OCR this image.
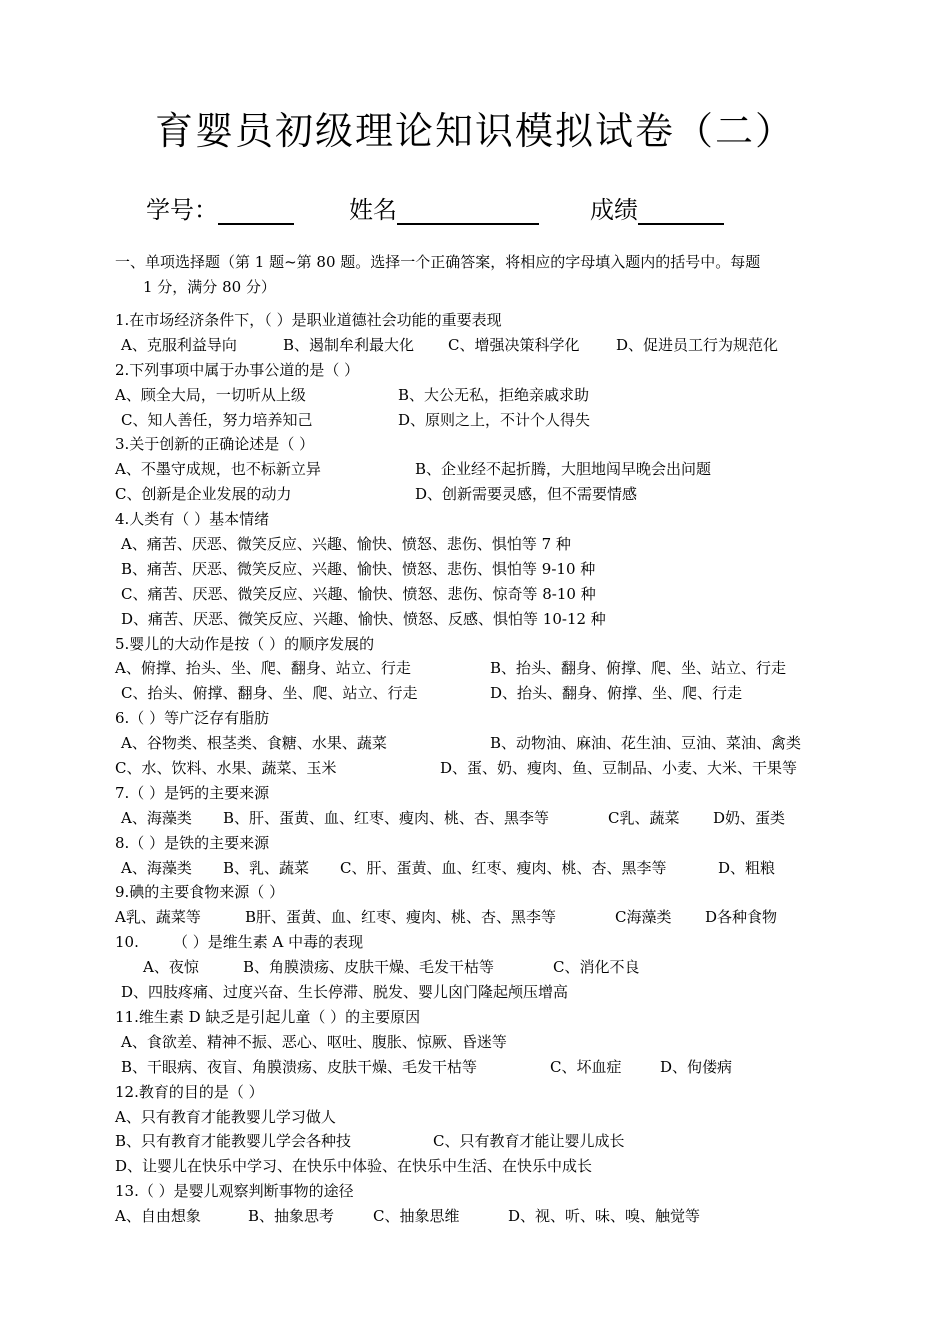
育婴员初级理论知识模拟试卷（二）
学号：	姓名	成绩
一、单项选择题（第 1 题~第 80 题。选择一个正确答案，将相应的字母填入题内的括号中。每题
1 分，满分 80 分）
1.在市场经济条件下，（ ）是职业道德社会功能的重要表现
A、克服利益导向	B、遏制牟利最大化 C、增强决策科学化 D、促进员工行为规范化
2.下列事项中属于办事公道的是（ ）
A、顾全大局，一切听从上级	B、大公无私，拒绝亲戚求助
C、知人善任，努力培养知己	D、原则之上，不计个人得失
3.关于创新的正确论述是（ ）
A、不墨守成规，也不标新立异	B、企业经不起折腾，大胆地闯早晚会出问题
C、创新是企业发展的动力	D、创新需要灵感，但不需要情感
4.人类有（ ）基本情绪
A、痛苦、厌恶、微笑反应、兴趣、愉快、愤怒、悲伤、惧怕等 7 种
B、痛苦、厌恶、微笑反应、兴趣、愉快、愤怒、悲伤、惧怕等 9-10 种
C、痛苦、厌恶、微笑反应、兴趣、愉快、愤怒、悲伤、惊奇等 8-10 种
D、痛苦、厌恶、微笑反应、兴趣、愉快、愤怒、反感、惧怕等 10-12 种
5.婴儿的大动作是按（ ）的顺序发展的
A、俯撑、抬头、坐、爬、翻身、站立、行走	B、抬头、翻身、俯撑、爬、坐、站立、行走
C、抬头、俯撑、翻身、坐、爬、站立、行走	D、抬头、翻身、俯撑、坐、爬、行走
6.（ ）等广泛存有脂肪
A、谷物类、根茎类、食糖、水果、蔬菜	B、动物油、麻油、花生油、豆油、菜油、禽类
C、水、饮料、水果、蔬菜、玉米	D、蛋、奶、瘦肉、鱼、豆制品、小麦、大米、干果等
7.（ ）是钙的主要来源
A、海藻类 B、肝、蛋黄、血、红枣、瘦肉、桃、杏、黑李等	C乳、蔬菜 D奶、蛋类
8.（ ）是铁的主要来源
A、海藻类 B、乳、蔬菜 C、肝、蛋黄、血、红枣、瘦肉、桃、杏、黑李等	D、粗粮
9.碘的主要食物来源（ ）
A乳、蔬菜等	B肝、蛋黄、血、红枣、瘦肉、桃、杏、黑李等	C海藻类 D各种食物
10. （ ）是维生素 A 中毒的表现
A、夜惊	B、角膜溃疡、皮肤干燥、毛发干枯等	C、消化不良
D、四肢疼痛、过度兴奋、生长停滞、脱发、婴儿囟门隆起颅压增高
11.维生素 D 缺乏是引起儿童（ ）的主要原因
A、食欲差、精神不振、恶心、呕吐、腹胀、惊厥、昏迷等
B、干眼病、夜盲、角膜溃疡、皮肤干燥、毛发干枯等	C、坏血症	D、佝偻病
12.教育的目的是（ ）
A、只有教育才能教婴儿学习做人
B、只有教育才能教婴儿学会各种技	C、只有教育才能让婴儿成长
D、让婴儿在快乐中学习、在快乐中体验、在快乐中生活、在快乐中成长
13.（ ）是婴儿观察判断事物的途径
A、自由想象	B、抽象思考	C、抽象思维	D、视、听、味、嗅、触觉等
